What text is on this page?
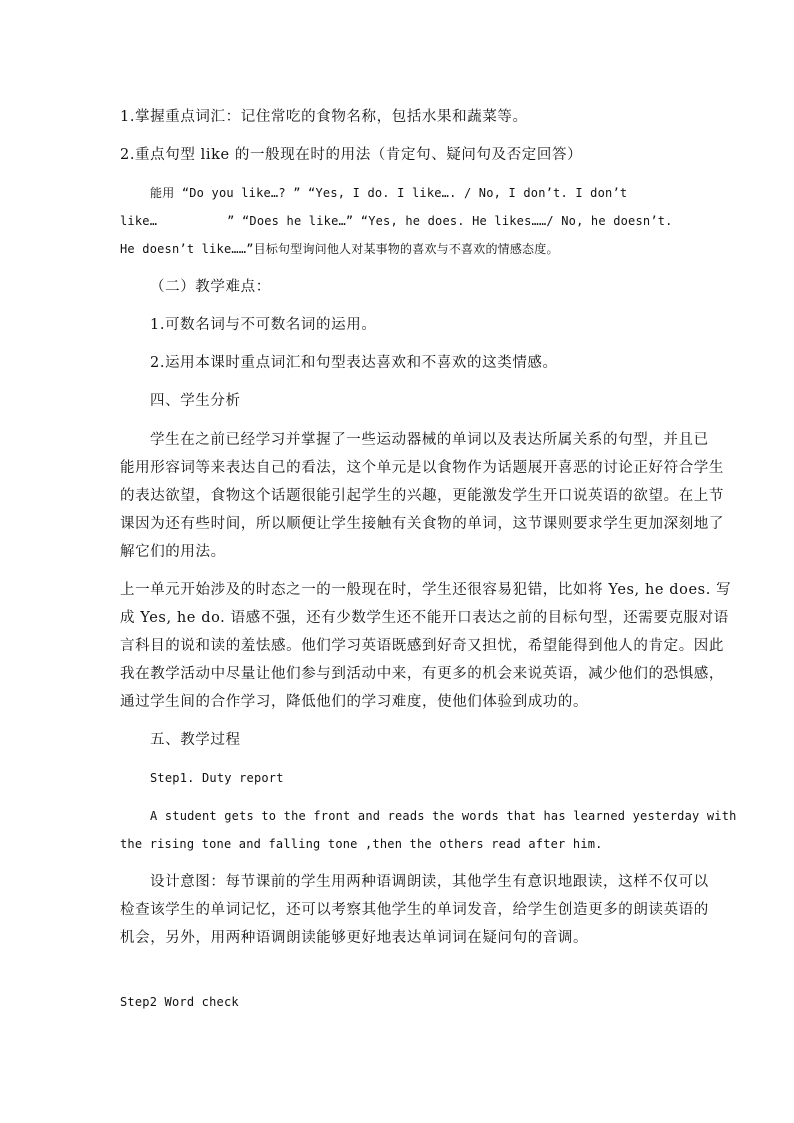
1.掌握重点词汇：记住常吃的食物名称，包括水果和蔬菜等。
2.重点句型 like 的一般现在时的用法（肯定句、疑问句及否定回答）
能用 “Do you like…? ” “Yes, I do. I like…. / No, I don’t. I don’t
like…	” “Does he like…” “Yes, he does. He likes……/ No, he doesn’t.
He doesn’t like……”目标句型询问他人对某事物的喜欢与不喜欢的情感态度。
（二）教学难点：
1.可数名词与不可数名词的运用。
2.运用本课时重点词汇和句型表达喜欢和不喜欢的这类情感。
四、学生分析
学生在之前已经学习并掌握了一些运动器械的单词以及表达所属关系的句型，并且已
能用形容词等来表达自己的看法，这个单元是以食物作为话题展开喜恶的讨论正好符合学生
的表达欲望，食物这个话题很能引起学生的兴趣，更能激发学生开口说英语的欲望。在上节
课因为还有些时间，所以顺便让学生接触有关食物的单词，这节课则要求学生更加深刻地了
解它们的用法。
上一单元开始涉及的时态之一的一般现在时，学生还很容易犯错，比如将 Yes, he does. 写
成 Yes, he do. 语感不强，还有少数学生还不能开口表达之前的目标句型，还需要克服对语
言科目的说和读的羞怯感。他们学习英语既感到好奇又担忧，希望能得到他人的肯定。因此
我在教学活动中尽量让他们参与到活动中来，有更多的机会来说英语，减少他们的恐惧感，
通过学生间的合作学习，降低他们的学习难度，使他们体验到成功的。
五、教学过程
Step1. Duty report
A student gets to the front and reads the words that has learned yesterday with
the rising tone and falling tone ,then the others read after him.
设计意图：每节课前的学生用两种语调朗读，其他学生有意识地跟读，这样不仅可以
检查该学生的单词记忆，还可以考察其他学生的单词发音，给学生创造更多的朗读英语的
机会，另外，用两种语调朗读能够更好地表达单词词在疑问句的音调。
Step2 Word check
